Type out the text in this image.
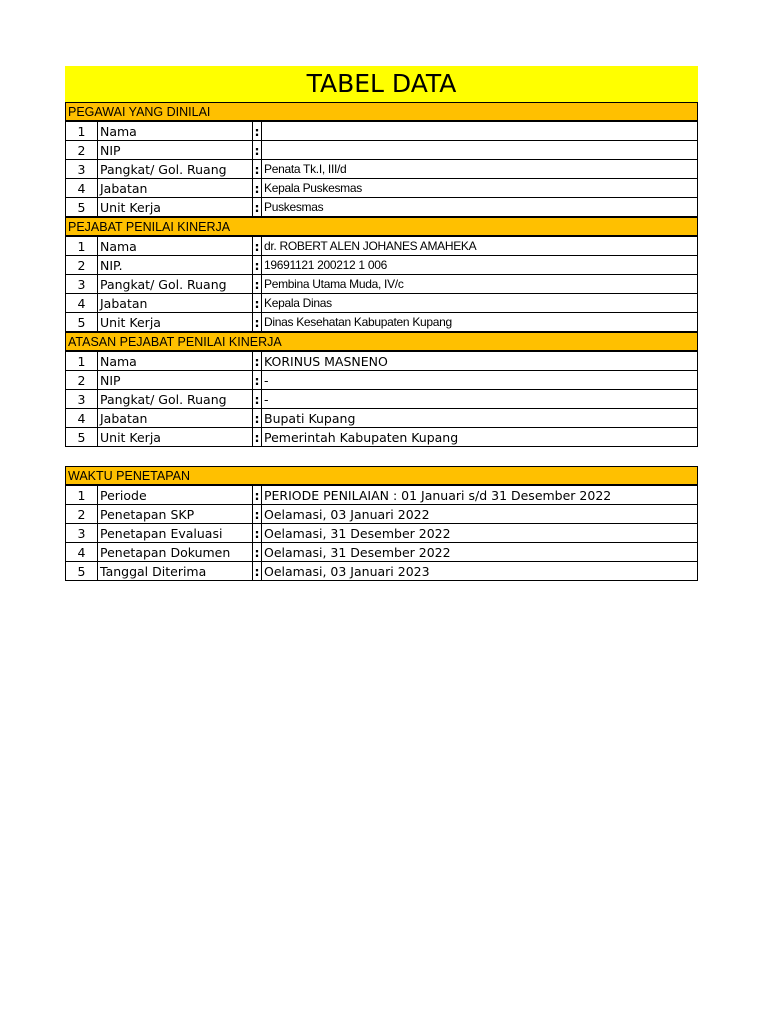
TABEL DATA
PEGAWAI YANG DINILAI
1	Nama	:	
2	NIP	:	
3	Pangkat/ Gol. Ruang	:	Penata Tk.I, III/d
4	Jabatan	:	Kepala Puskesmas
5	Unit Kerja	:	Puskesmas
PEJABAT PENILAI KINERJA
1	Nama	:	dr. ROBERT ALEN JOHANES AMAHEKA
2	NIP.	:	19691121 200212 1 006
3	Pangkat/ Gol. Ruang	:	Pembina Utama Muda, IV/c
4	Jabatan	:	Kepala Dinas
5	Unit Kerja	:	Dinas Kesehatan Kabupaten Kupang
ATASAN PEJABAT PENILAI KINERJA
1	Nama	:	KORINUS MASNENO
2	NIP	:	-
3	Pangkat/ Gol. Ruang	:	-
4	Jabatan	:	Bupati Kupang
5	Unit Kerja	:	Pemerintah Kabupaten Kupang
WAKTU PENETAPAN
1	Periode	:	PERIODE PENILAIAN : 01 Januari s/d 31 Desember 2022
2	Penetapan SKP	:	Oelamasi, 03 Januari 2022
3	Penetapan Evaluasi	:	Oelamasi, 31 Desember 2022
4	Penetapan Dokumen	:	Oelamasi, 31 Desember 2022
5	Tanggal Diterima	:	Oelamasi, 03 Januari 2023
